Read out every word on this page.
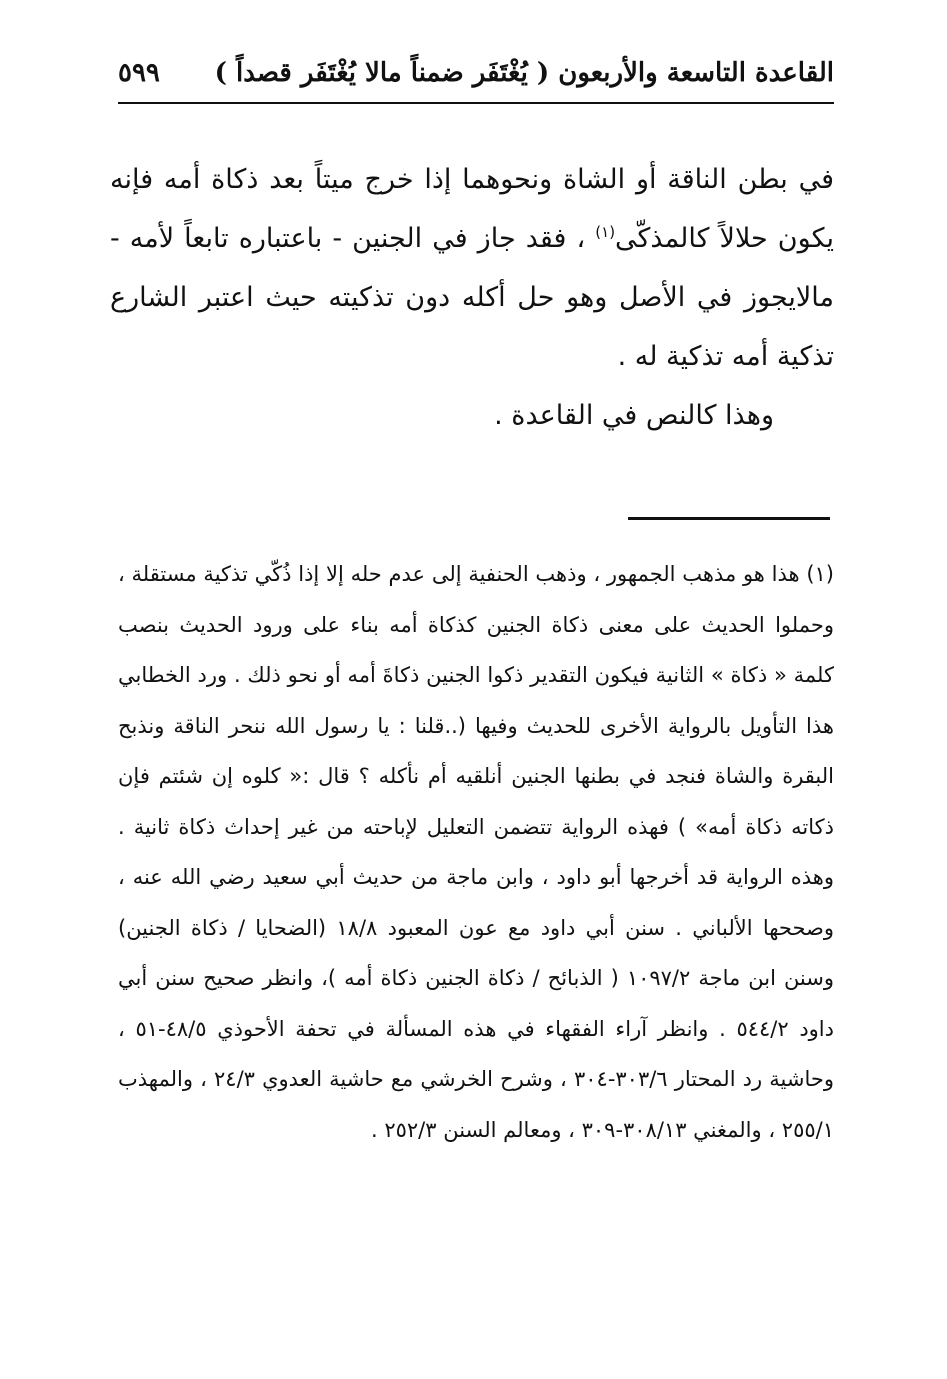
القاعدة التاسعة والأربعون ( يُغْتَفَر ضمناً مالا يُغْتَفَر قصداً )
٥٩٩

في بطن الناقة أو الشاة ونحوهما إذا خرج ميتاً بعد ذكاة أمه فإنه يكون حلالاً كالمذكّى$^{(١)}$ ، فقد جاز في الجنين - باعتباره تابعاً لأمه - مالايجوز في الأصل وهو حل أكله دون تذكيته حيث اعتبر الشارع تذكية أمه تذكية له .

وهذا كالنص في القاعدة .

(١) هذا هو مذهب الجمهور ، وذهب الحنفية إلى عدم حله إلا إذا ذُكّي تذكية مستقلة ، وحملوا الحديث على معنى ذكاة الجنين كذكاة أمه بناء على ورود الحديث بنصب كلمة « ذكاة » الثانية فيكون التقدير ذكوا الجنين ذكاةَ أمه أو نحو ذلك . ورد الخطابي هذا التأويل بالرواية الأخرى للحديث وفيها (..قلنا : يا رسول الله ننحر الناقة ونذبح البقرة والشاة فنجد في بطنها الجنين أنلقيه أم نأكله ؟ قال :« كلوه إن شئتم فإن ذكاته ذكاة أمه» ) فهذه الرواية تتضمن التعليل لإباحته من غير إحداث ذكاة ثانية . وهذه الرواية قد أخرجها أبو داود ، وابن ماجة من حديث أبي سعيد رضي الله عنه ، وصححها الألباني . سنن أبي داود مع عون المعبود ١٨/٨ (الضحايا / ذكاة الجنين) وسنن ابن ماجة ١٠٩٧/٢ ( الذبائح / ذكاة الجنين ذكاة أمه )، وانظر صحيح سنن أبي داود ٥٤٤/٢ . وانظر آراء الفقهاء في هذه المسألة في تحفة الأحوذي ٤٨/٥-٥١ ، وحاشية رد المحتار ٣٠٣/٦-٣٠٤ ، وشرح الخرشي مع حاشية العدوي ٢٤/٣ ، والمهذب ٢٥٥/١ ، والمغني ٣٠٨/١٣-٣٠٩ ، ومعالم السنن ٢٥٢/٣ .
